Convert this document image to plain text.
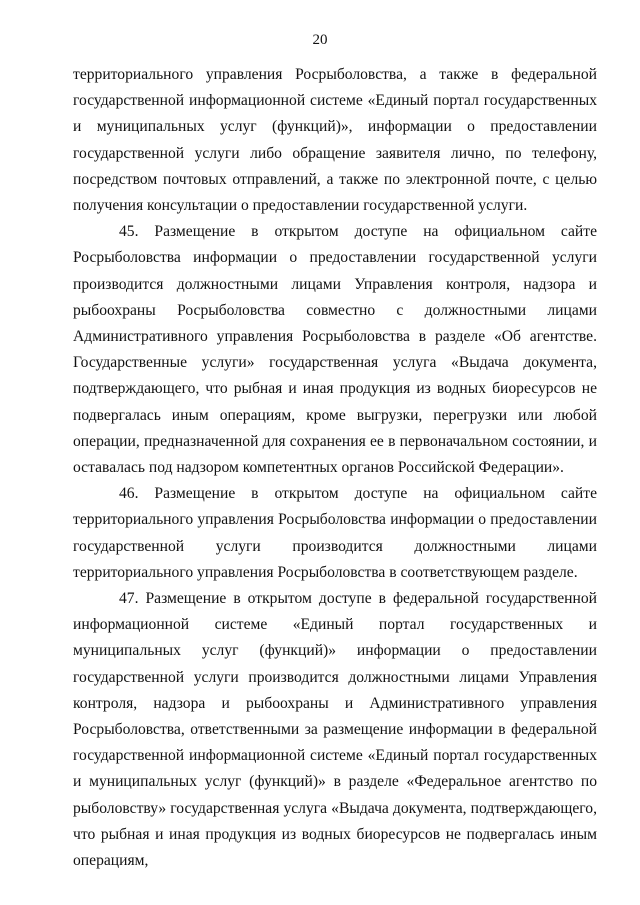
20

территориального управления Росрыболовства, а также в федеральной государственной информационной системе «Единый портал государственных и муниципальных услуг (функций)», информации о предоставлении государственной услуги либо обращение заявителя лично, по телефону, посредством почтовых отправлений, а также по электронной почте, с целью получения консультации о предоставлении государственной услуги.

45. Размещение в открытом доступе на официальном сайте Росрыболовства информации о предоставлении государственной услуги производится должностными лицами Управления контроля, надзора и рыбоохраны Росрыболовства совместно с должностными лицами Административного управления Росрыболовства в разделе «Об агентстве. Государственные услуги» государственная услуга «Выдача документа, подтверждающего, что рыбная и иная продукция из водных биоресурсов не подвергалась иным операциям, кроме выгрузки, перегрузки или любой операции, предназначенной для сохранения ее в первоначальном состоянии, и оставалась под надзором компетентных органов Российской Федерации».

46. Размещение в открытом доступе на официальном сайте территориального управления Росрыболовства информации о предоставлении государственной услуги производится должностными лицами территориального управления Росрыболовства в соответствующем разделе.

47. Размещение в открытом доступе в федеральной государственной информационной системе «Единый портал государственных и муниципальных услуг (функций)» информации о предоставлении государственной услуги производится должностными лицами Управления контроля, надзора и рыбоохраны и Административного управления Росрыболовства, ответственными за размещение информации в федеральной государственной информационной системе «Единый портал государственных и муниципальных услуг (функций)» в разделе «Федеральное агентство по рыболовству» государственная услуга «Выдача документа, подтверждающего, что рыбная и иная продукция из водных биоресурсов не подвергалась иным операциям,
